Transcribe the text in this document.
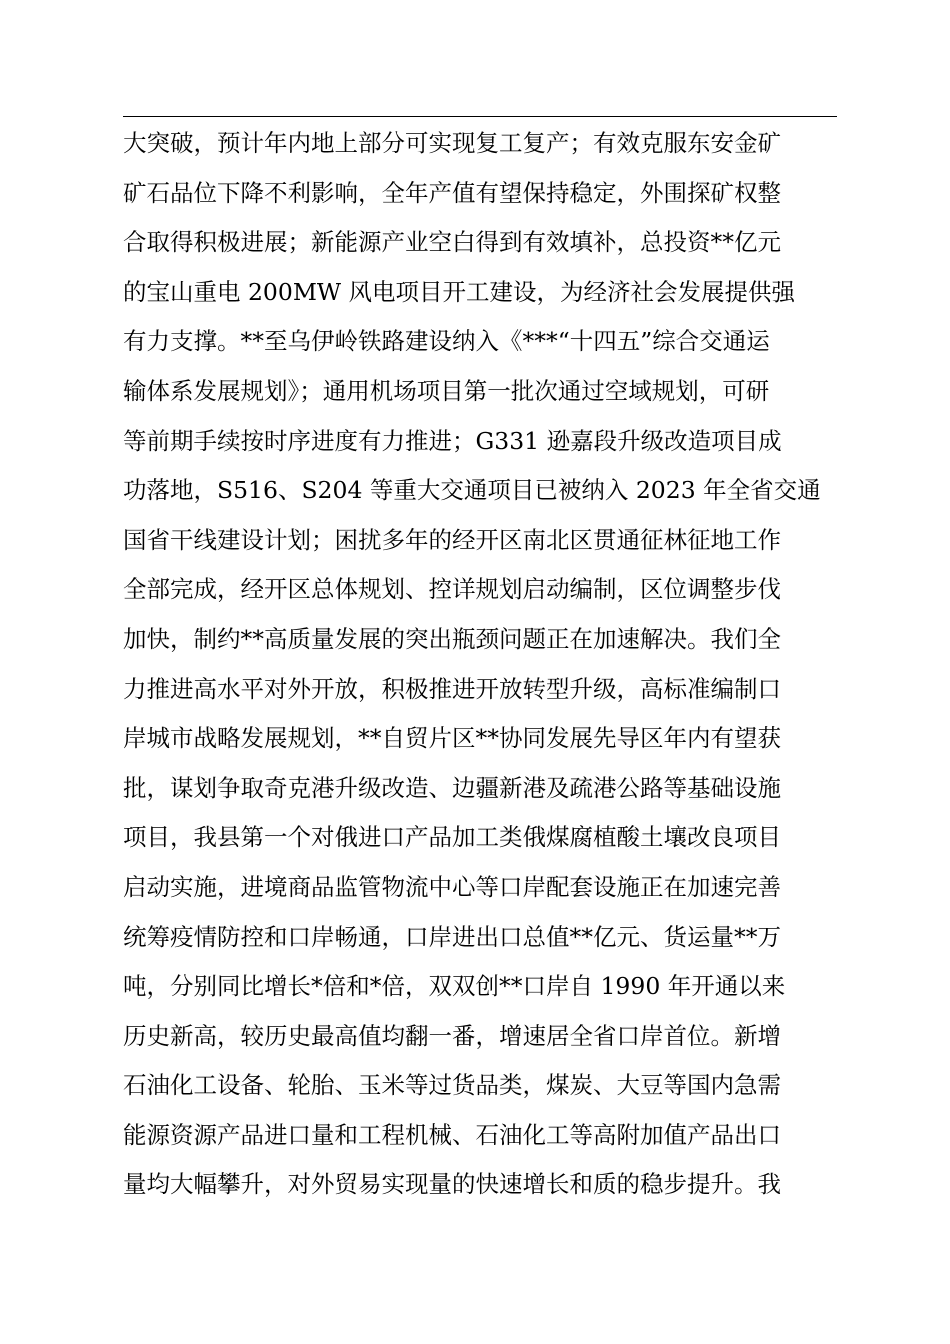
大突破，预计年内地上部分可实现复工复产；有效克服东安金矿
矿石品位下降不利影响，全年产值有望保持稳定，外围探矿权整
合取得积极进展；新能源产业空白得到有效填补，总投资**亿元
的宝山重电 200MW 风电项目开工建设，为经济社会发展提供强
有力支撑。**至乌伊岭铁路建设纳入《***“十四五”综合交通运
输体系发展规划》；通用机场项目第一批次通过空域规划，可研
等前期手续按时序进度有力推进；G331 逊嘉段升级改造项目成
功落地，S516、S204 等重大交通项目已被纳入 2023 年全省交通
国省干线建设计划；困扰多年的经开区南北区贯通征林征地工作
全部完成，经开区总体规划、控详规划启动编制，区位调整步伐
加快，制约**高质量发展的突出瓶颈问题正在加速解决。我们全
力推进高水平对外开放，积极推进开放转型升级，高标准编制口
岸城市战略发展规划，**自贸片区**协同发展先导区年内有望获
批，谋划争取奇克港升级改造、边疆新港及疏港公路等基础设施
项目，我县第一个对俄进口产品加工类俄煤腐植酸土壤改良项目
启动实施，进境商品监管物流中心等口岸配套设施正在加速完善
统筹疫情防控和口岸畅通，口岸进出口总值**亿元、货运量**万
吨，分别同比增长*倍和*倍，双双创**口岸自 1990 年开通以来
历史新高，较历史最高值均翻一番，增速居全省口岸首位。新增
石油化工设备、轮胎、玉米等过货品类，煤炭、大豆等国内急需
能源资源产品进口量和工程机械、石油化工等高附加值产品出口
量均大幅攀升，对外贸易实现量的快速增长和质的稳步提升。我
